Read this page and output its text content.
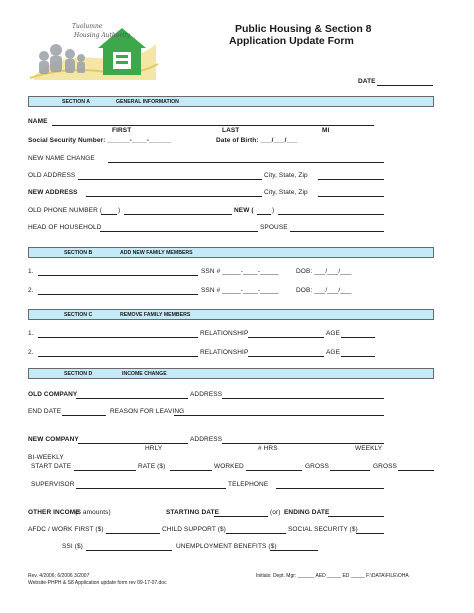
Tuolumne
Housing Authority
Public Housing & Section 8
Application Update Form
DATE
SECTION A	GENERAL INFORMATION
NAME
FIRST	LAST	MI
Social Security Number: ______-____-______	Date of Birth: ___/___/___
NEW NAME CHANGE
OLD ADDRESS	City, State, Zip
NEW ADDRESS	City, State, Zip
OLD PHONE NUMBER ( )	NEW (	)
HEAD OF HOUSEHOLD	SPOUSE
SECTION B	ADD NEW FAMILY MEMBERS
1.	SSN # _____-____-_____	DOB: ___/___/___
2.	SSN # _____-____-_____	DOB: ___/___/___
SECTION C	REMOVE FAMILY MEMBERS
1.	RELATIONSHIP	AGE
2.	RELATIONSHIP	AGE
SECTION D	INCOME CHANGE
OLD COMPANY	ADDRESS
END DATE	REASON FOR LEAVING
NEW COMPANY	ADDRESS
HRLY	# HRS	WEEKLY
BI-WEEKLY
START DATE	RATE ($)	WORKED	GROSS	GROSS
SUPERVISOR	TELEPHONE
OTHER INCOME
($ amounts)	STARTING DATE	(or) ENDING DATE
AFDC / WORK FIRST ($)	CHILD SUPPORT ($)	SOCIAL SECURITY ($)
SSI ($)	UNEMPLOYMENT BENEFITS ($)
Rev. 4/2006; 6/2006 3/2007
Website-PHPH & S8 Application update form rev 09-17-07.doc
Initials: Dept. Mgr: ______ AED _____ ED _____ F:\DATA\FILE\OHA
